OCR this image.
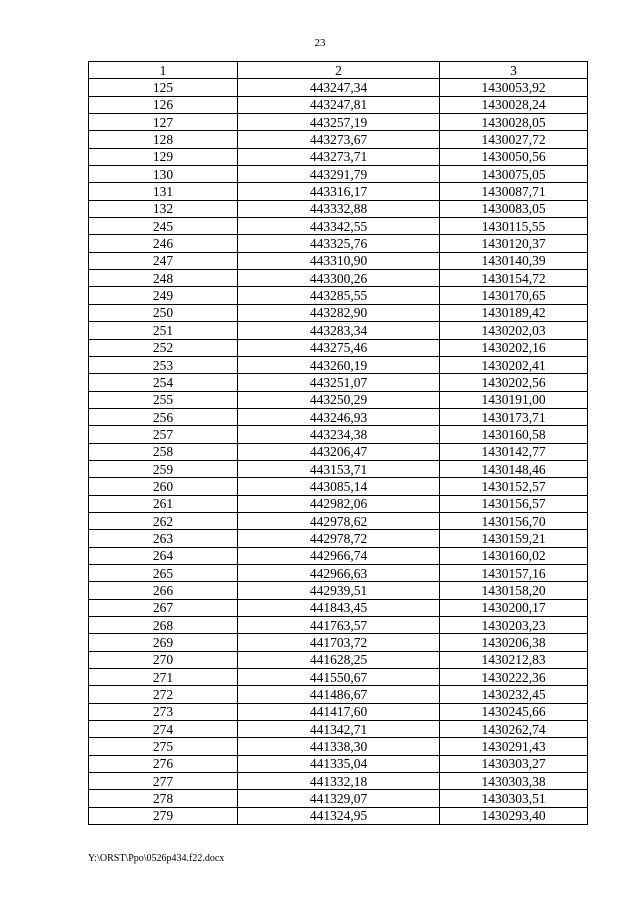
23
1	2	3
125	443247,34	1430053,92
126	443247,81	1430028,24
127	443257,19	1430028,05
128	443273,67	1430027,72
129	443273,71	1430050,56
130	443291,79	1430075,05
131	443316,17	1430087,71
132	443332,88	1430083,05
245	443342,55	1430115,55
246	443325,76	1430120,37
247	443310,90	1430140,39
248	443300,26	1430154,72
249	443285,55	1430170,65
250	443282,90	1430189,42
251	443283,34	1430202,03
252	443275,46	1430202,16
253	443260,19	1430202,41
254	443251,07	1430202,56
255	443250,29	1430191,00
256	443246,93	1430173,71
257	443234,38	1430160,58
258	443206,47	1430142,77
259	443153,71	1430148,46
260	443085,14	1430152,57
261	442982,06	1430156,57
262	442978,62	1430156,70
263	442978,72	1430159,21
264	442966,74	1430160,02
265	442966,63	1430157,16
266	442939,51	1430158,20
267	441843,45	1430200,17
268	441763,57	1430203,23
269	441703,72	1430206,38
270	441628,25	1430212,83
271	441550,67	1430222,36
272	441486,67	1430232,45
273	441417,60	1430245,66
274	441342,71	1430262,74
275	441338,30	1430291,43
276	441335,04	1430303,27
277	441332,18	1430303,38
278	441329,07	1430303,51
279	441324,95	1430293,40
Y:\ORST\Ppo\0526p434.f22.docx
